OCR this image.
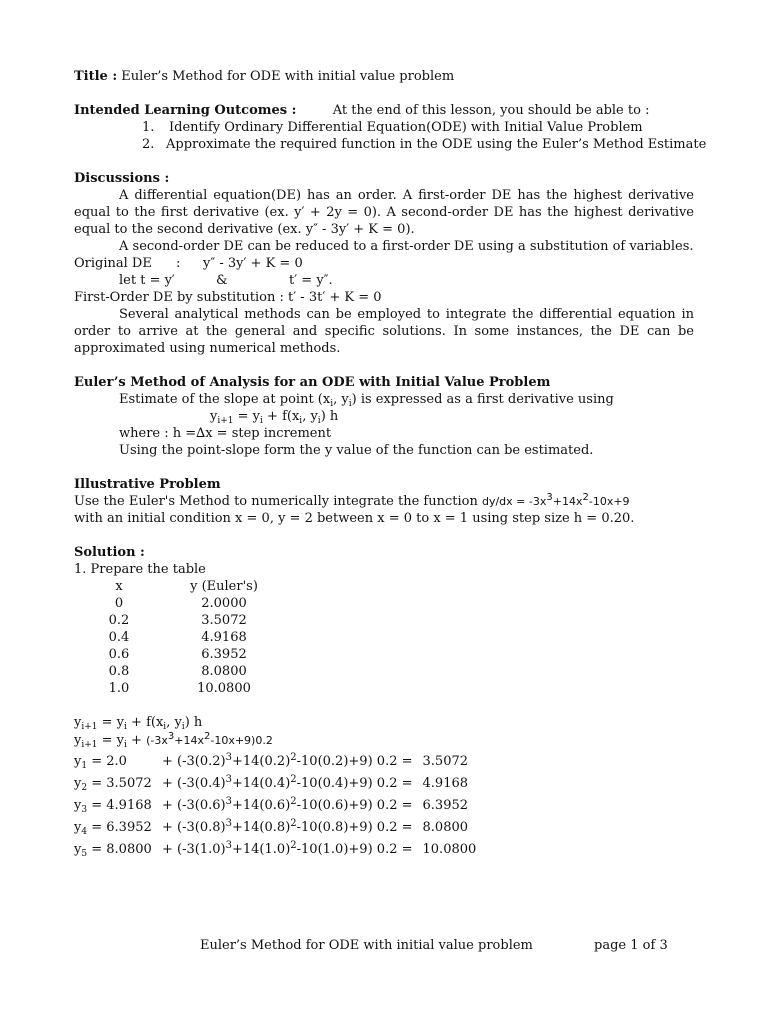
Title : Euler’s Method for ODE with initial value problem
Intended Learning Outcomes :	At the end of this lesson, you should be able to :
1. Identify Ordinary Differential Equation(ODE) with Initial Value Problem
2. Approximate the required function in the ODE using the Euler’s Method Estimate
Discussions :
A differential equation(DE) has an order. A first-order DE has the highest derivative equal to the first derivative (ex. y′ + 2y = 0). A second-order DE has the highest derivative equal to the second derivative (ex. y″ - 3y′ + K = 0).
A second-order DE can be reduced to a first-order DE using a substitution of variables.
Original DE : y″ - 3y′ + K = 0
let t = y′	&	t′ = y″.
First-Order DE by substitution : t′ - 3t′ + K = 0
Several analytical methods can be employed to integrate the differential equation in order to arrive at the general and specific solutions. In some instances, the DE can be approximated using numerical methods.
Euler’s Method of Analysis for an ODE with Initial Value Problem
Estimate of the slope at point ($x_i$, $y_i$) is expressed as a first derivative using
$y_{i+1} = y_i + f(x_i$, $y_i$) h
where : h =∆x = step increment
Using the point-slope form the y value of the function can be estimated.
Illustrative Problem
Use the Euler's Method to numerically integrate the function $dy/dx = -3x^3+14x^2-10x+9$
with an initial condition x = 0, y = 2 between x = 0 to x = 1 using step size h = 0.20.
Solution :
1. Prepare the table
x	y (Euler's)
0	2.0000
0.2	3.5072
0.4	4.9168
0.6	6.3952
0.8	8.0800
1.0	10.0800
$y_{i+1} = y_i + f(x_i$, $y_i$) h
$y_{i+1} = y_i + (-3x^3+14x^2-10x+9)0.2$
$y_1 = 2.0$	+ $(-3(0.2)^3+14(0.2)^2-10(0.2)+9) 0.2$ =	3.5072
$y_2 = 3.5072$	+ $(-3(0.4)^3+14(0.4)^2-10(0.4)+9) 0.2$ =	4.9168
$y_3 = 4.9168$	+ $(-3(0.6)^3+14(0.6)^2-10(0.6)+9) 0.2$ =	6.3952
$y_4 = 6.3952$	+ $(-3(0.8)^3+14(0.8)^2-10(0.8)+9) 0.2$ =	8.0800
$y_5 = 8.0800$	+ $(-3(1.0)^3+14(1.0)^2-10(1.0)+9) 0.2$ =	10.0800
Euler’s Method for ODE with initial value problem	page 1 of 3
